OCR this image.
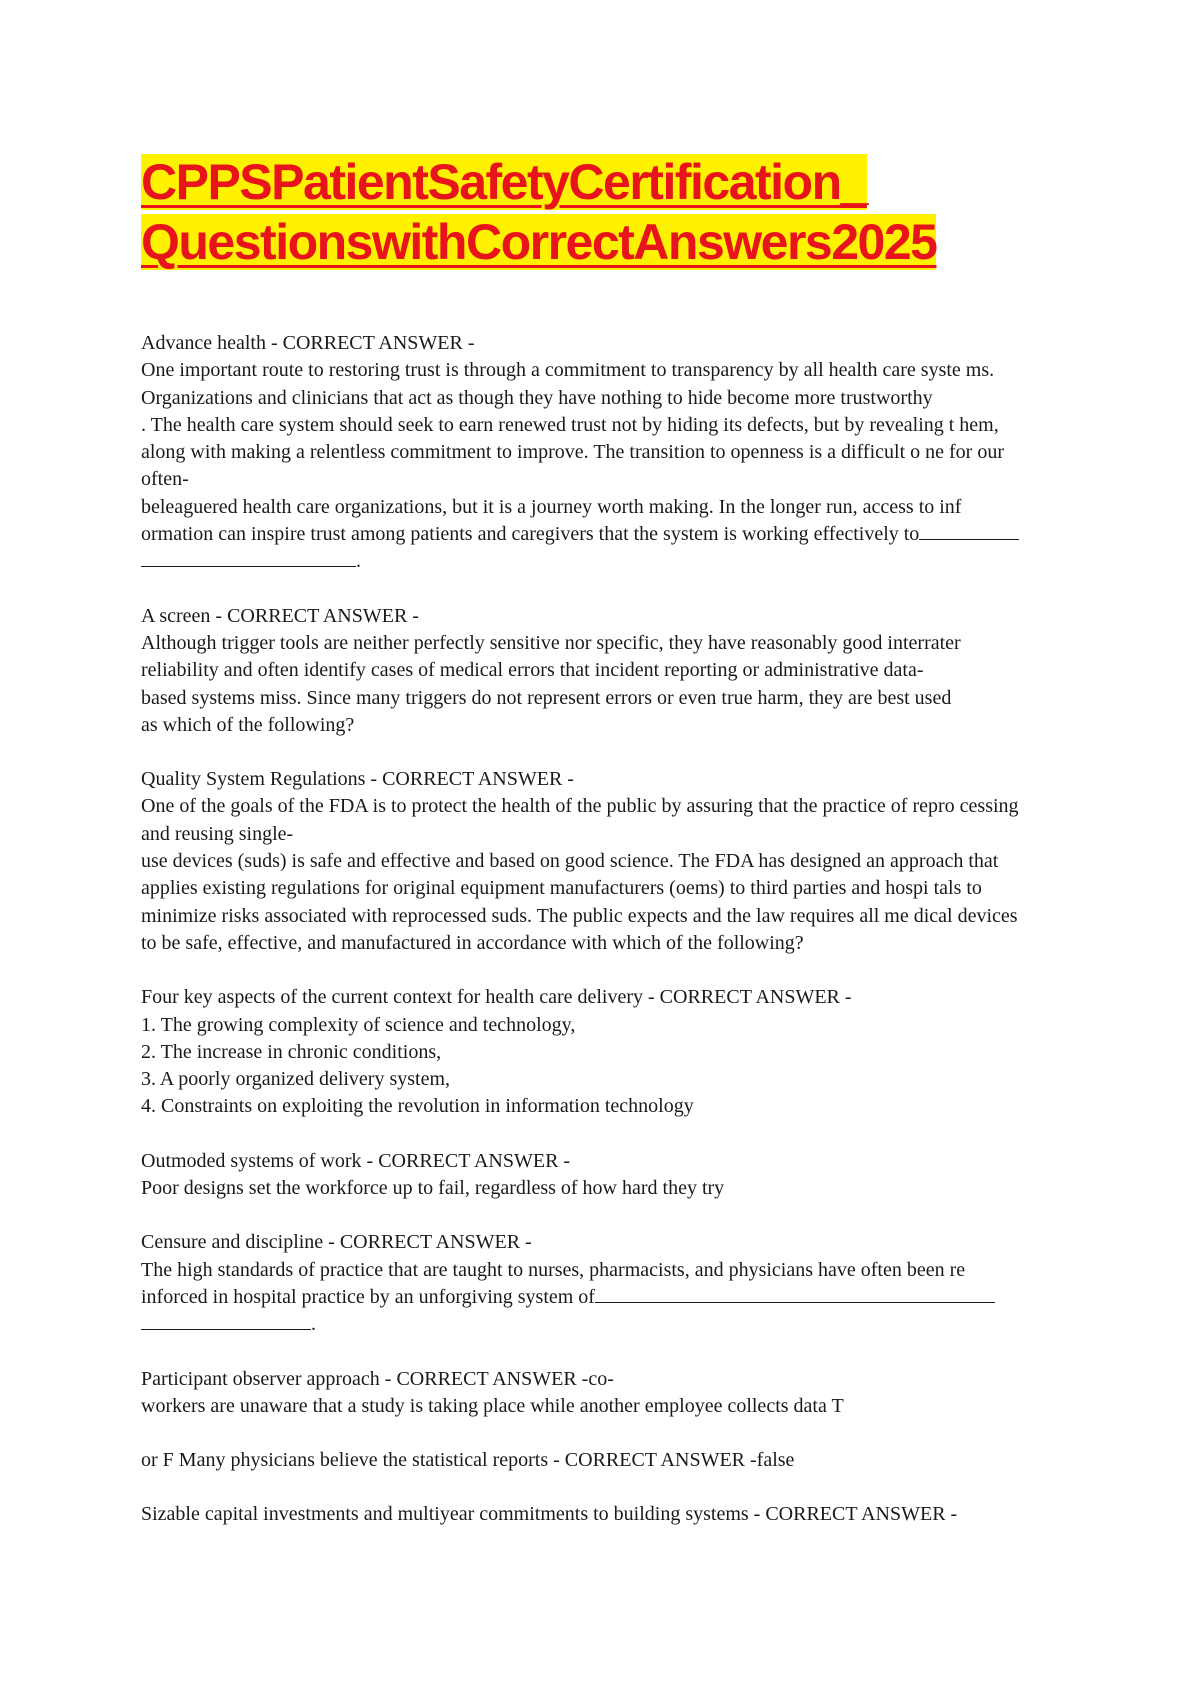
CPPSPatientSafetyCertification_
QuestionswithCorrectAnswers2025
Advance health - CORRECT ANSWER -
One important route to restoring trust is through a commitment to transparency by all health care syste ms.
Organizations and clinicians that act as though they have nothing to hide become more trustworthy
. The health care system should seek to earn renewed trust not by hiding its defects, but by revealing t hem,
along with making a relentless commitment to improve. The transition to openness is a difficult o ne for our
often-
beleaguered health care organizations, but it is a journey worth making. In the longer run, access to inf
ormation can inspire trust among patients and caregivers that the system is working effectively to
.
A screen - CORRECT ANSWER -
Although trigger tools are neither perfectly sensitive nor specific, they have reasonably good interrater
reliability and often identify cases of medical errors that incident reporting or administrative data-
based systems miss. Since many triggers do not represent errors or even true harm, they are best used
as which of the following?
Quality System Regulations - CORRECT ANSWER -
One of the goals of the FDA is to protect the health of the public by assuring that the practice of repro cessing
and reusing single-
use devices (suds) is safe and effective and based on good science. The FDA has designed an approach that
applies existing regulations for original equipment manufacturers (oems) to third parties and hospi tals to
minimize risks associated with reprocessed suds. The public expects and the law requires all me dical devices
to be safe, effective, and manufactured in accordance with which of the following?
Four key aspects of the current context for health care delivery - CORRECT ANSWER -
1. The growing complexity of science and technology,
2. The increase in chronic conditions,
3. A poorly organized delivery system,
4. Constraints on exploiting the revolution in information technology
Outmoded systems of work - CORRECT ANSWER -
Poor designs set the workforce up to fail, regardless of how hard they try
Censure and discipline - CORRECT ANSWER -
The high standards of practice that are taught to nurses, pharmacists, and physicians have often been re
inforced in hospital practice by an unforgiving system of
.
Participant observer approach - CORRECT ANSWER -co-
workers are unaware that a study is taking place while another employee collects data T
or F Many physicians believe the statistical reports - CORRECT ANSWER -false
Sizable capital investments and multiyear commitments to building systems - CORRECT ANSWER -
